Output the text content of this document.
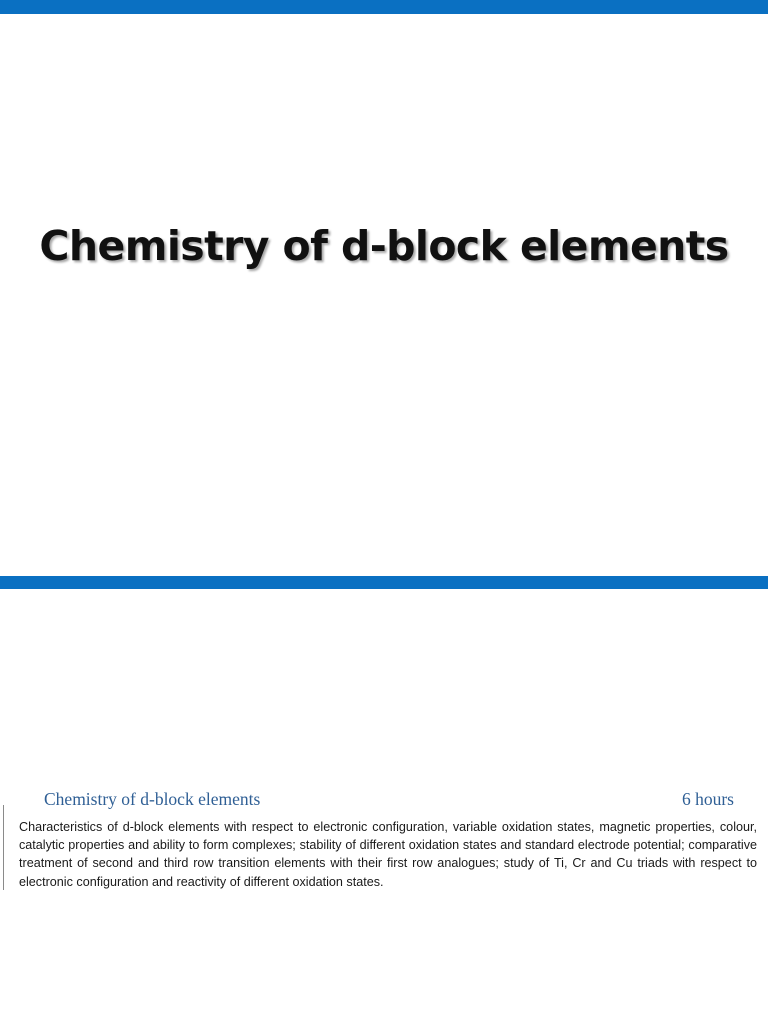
Chemistry of d-block elements
Chemistry of d-block elements	6 hours
Characteristics of d-block elements with respect to electronic configuration, variable oxidation states, magnetic properties, colour, catalytic properties and ability to form complexes; stability of different oxidation states and standard electrode potential; comparative treatment of second and third row transition elements with their first row analogues; study of Ti, Cr and Cu triads with respect to electronic configuration and reactivity of different oxidation states.
